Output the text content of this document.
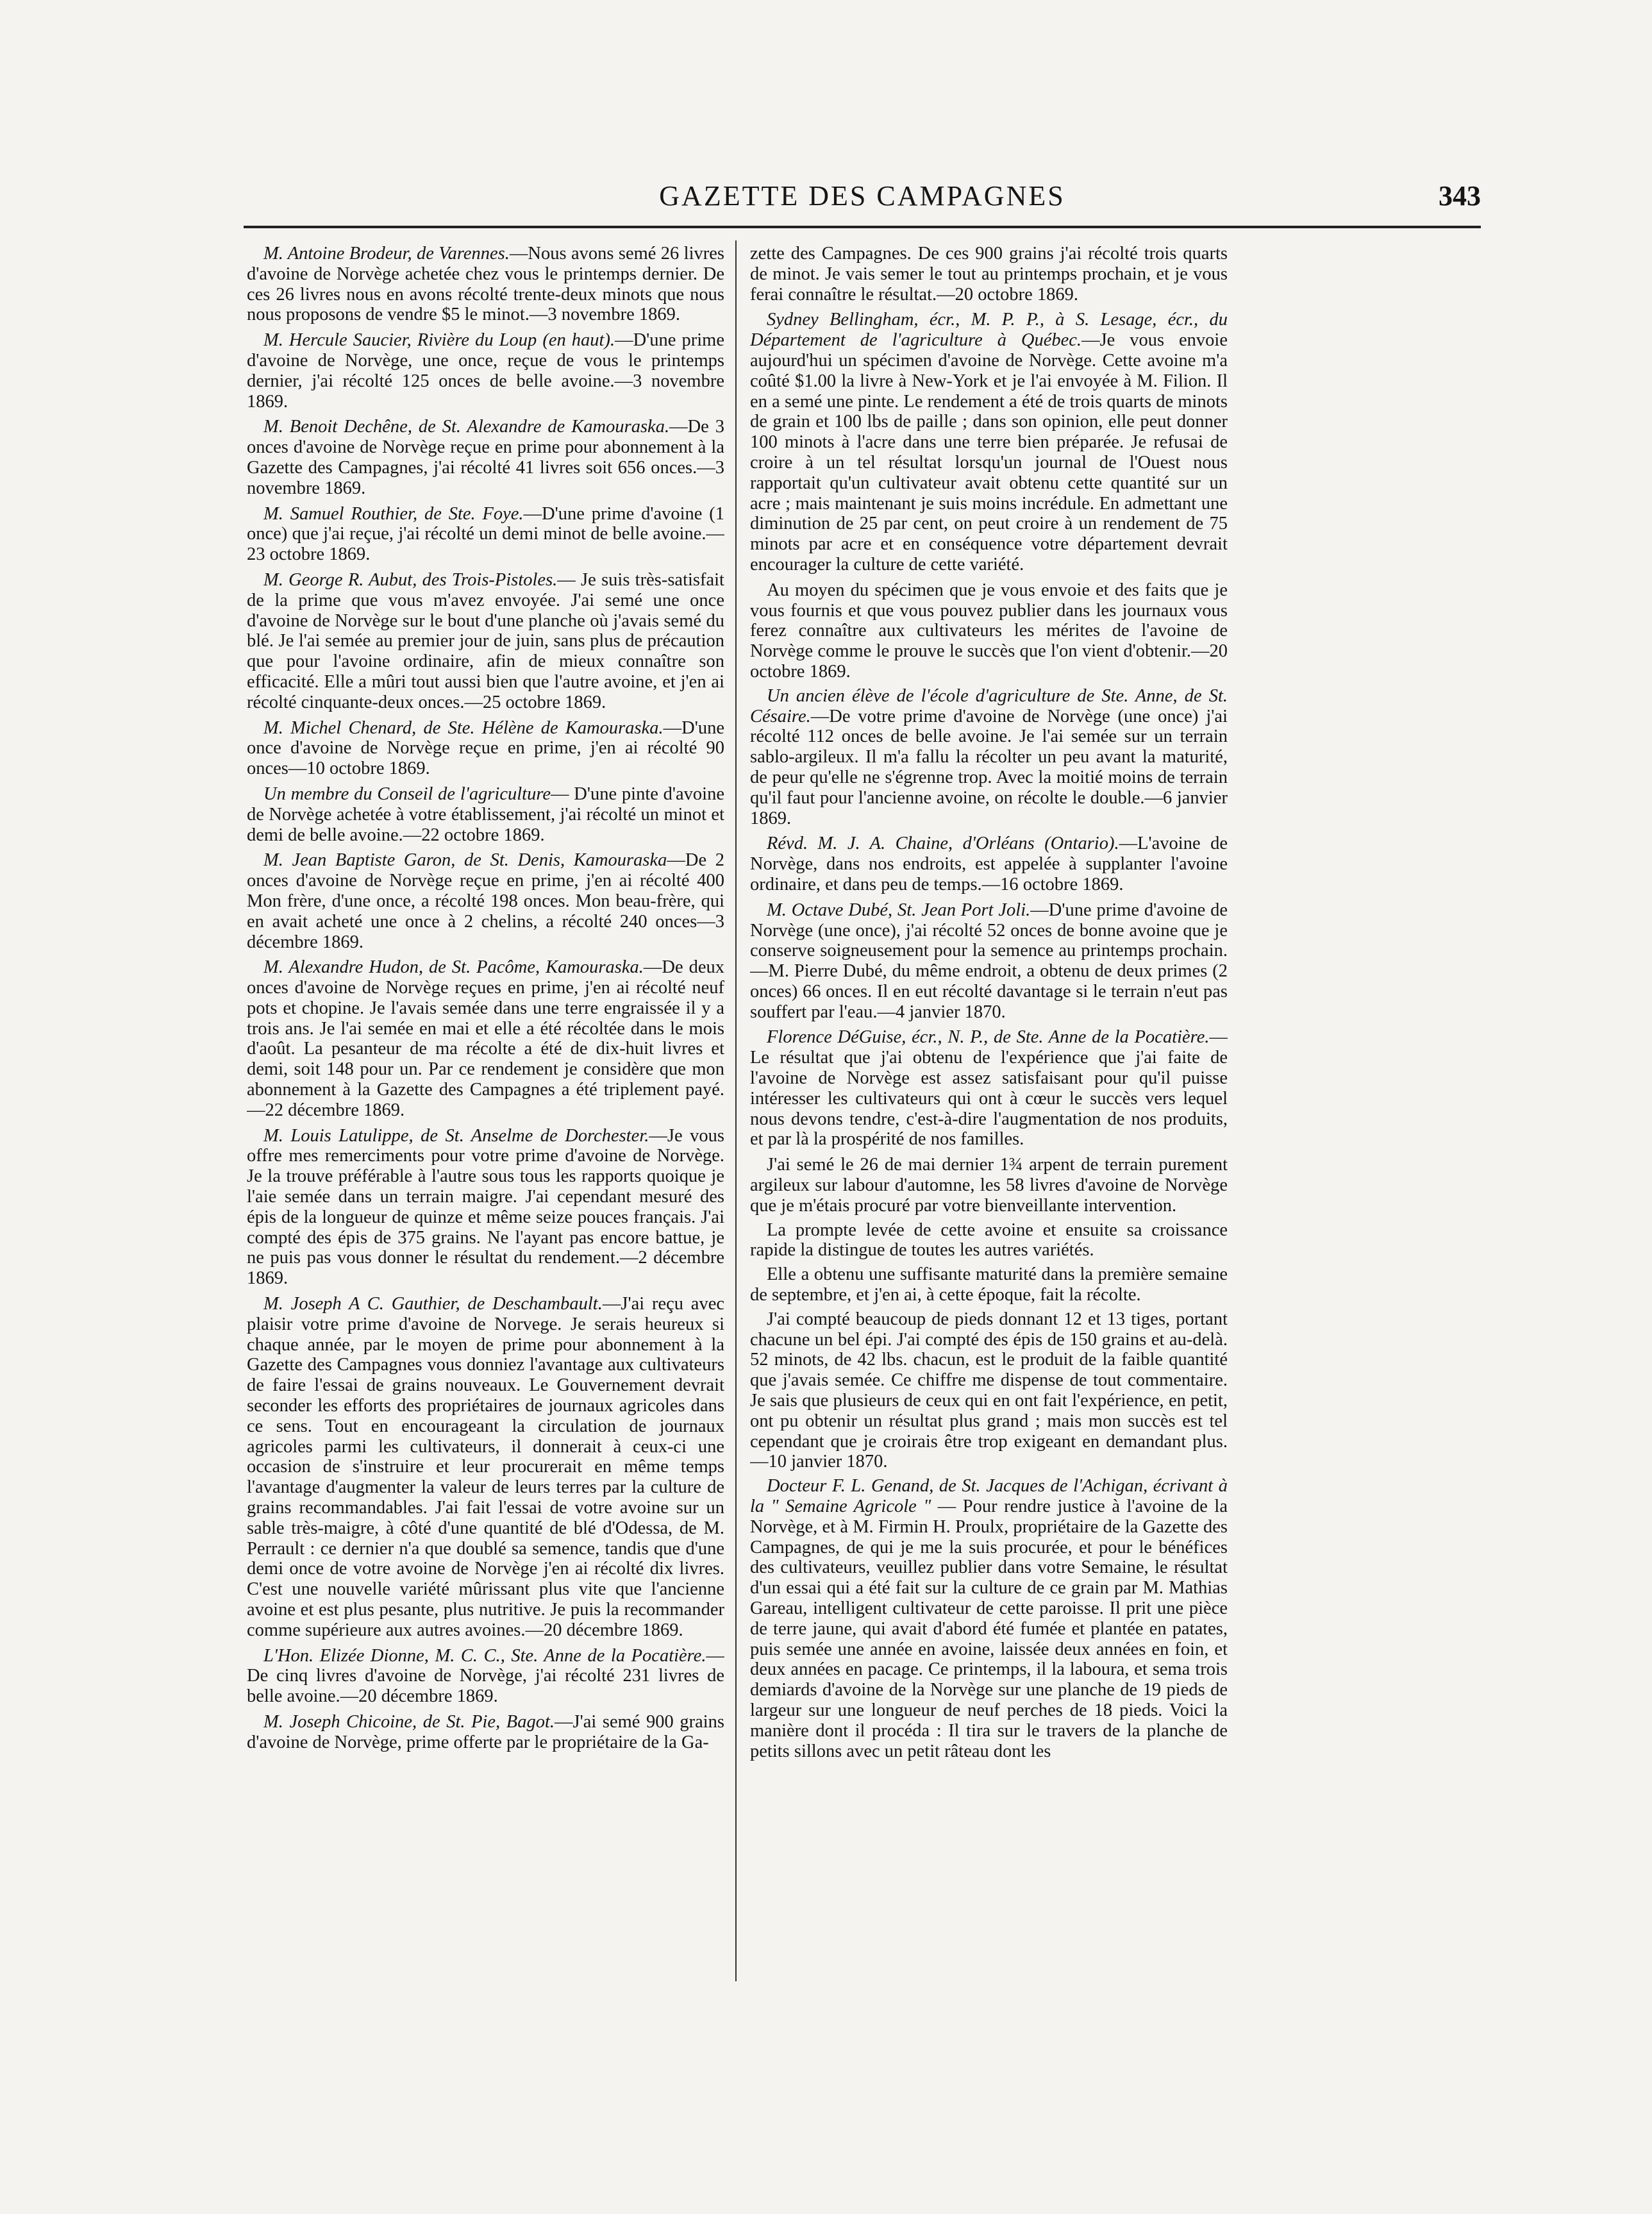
GAZETTE DES CAMPAGNES	343

M. Antoine Brodeur, de Varennes.—Nous avons semé 26 livres d'avoine de Norvège achetée chez vous le printemps dernier. De ces 26 livres nous en avons récolté trente-deux minots que nous nous proposons de vendre $5 le minot.—3 novembre 1869.

M. Hercule Saucier, Rivière du Loup (en haut).—D'une prime d'avoine de Norvège, une once, reçue de vous le printemps dernier, j'ai récolté 125 onces de belle avoine.—3 novembre 1869.

M. Benoit Dechêne, de St. Alexandre de Kamouraska.—De 3 onces d'avoine de Norvège reçue en prime pour abonnement à la Gazette des Campagnes, j'ai récolté 41 livres soit 656 onces.—3 novembre 1869.

M. Samuel Routhier, de Ste. Foye.—D'une prime d'avoine (1 once) que j'ai reçue, j'ai récolté un demi minot de belle avoine.—23 octobre 1869.

M. George R. Aubut, des Trois-Pistoles.— Je suis très-satisfait de la prime que vous m'avez envoyée. J'ai semé une once d'avoine de Norvège sur le bout d'une planche où j'avais semé du blé. Je l'ai semée au premier jour de juin, sans plus de précaution que pour l'avoine ordinaire, afin de mieux connaître son efficacité. Elle a mûri tout aussi bien que l'autre avoine, et j'en ai récolté cinquante-deux onces.—25 octobre 1869.

M. Michel Chenard, de Ste. Hélène de Kamouraska.—D'une once d'avoine de Norvège reçue en prime, j'en ai récolté 90 onces—10 octobre 1869.

Un membre du Conseil de l'agriculture— D'une pinte d'avoine de Norvège achetée à votre établissement, j'ai récolté un minot et demi de belle avoine.—22 octobre 1869.

M. Jean Baptiste Garon, de St. Denis, Kamouraska—De 2 onces d'avoine de Norvège reçue en prime, j'en ai récolté 400 Mon frère, d'une once, a récolté 198 onces. Mon beau-frère, qui en avait acheté une once à 2 chelins, a récolté 240 onces—3 décembre 1869.

M. Alexandre Hudon, de St. Pacôme, Kamouraska.—De deux onces d'avoine de Norvège reçues en prime, j'en ai récolté neuf pots et chopine. Je l'avais semée dans une terre engraissée il y a trois ans. Je l'ai semée en mai et elle a été récoltée dans le mois d'août. La pesanteur de ma récolte a été de dix-huit livres et demi, soit 148 pour un. Par ce rendement je considère que mon abonnement à la Gazette des Campagnes a été triplement payé.—22 décembre 1869.

M. Louis Latulippe, de St. Anselme de Dorchester.—Je vous offre mes remerciments pour votre prime d'avoine de Norvège. Je la trouve préférable à l'autre sous tous les rapports quoique je l'aie semée dans un terrain maigre. J'ai cependant mesuré des épis de la longueur de quinze et même seize pouces français. J'ai compté des épis de 375 grains. Ne l'ayant pas encore battue, je ne puis pas vous donner le résultat du rendement.—2 décembre 1869.

M. Joseph A C. Gauthier, de Deschambault.—J'ai reçu avec plaisir votre prime d'avoine de Norvege. Je serais heureux si chaque année, par le moyen de prime pour abonnement à la Gazette des Campagnes vous donniez l'avantage aux cultivateurs de faire l'essai de grains nouveaux. Le Gouvernement devrait seconder les efforts des propriétaires de journaux agricoles dans ce sens. Tout en encourageant la circulation de journaux agricoles parmi les cultivateurs, il donnerait à ceux-ci une occasion de s'instruire et leur procurerait en même temps l'avantage d'augmenter la valeur de leurs terres par la culture de grains recommandables. J'ai fait l'essai de votre avoine sur un sable très-maigre, à côté d'une quantité de blé d'Odessa, de M. Perrault : ce dernier n'a que doublé sa semence, tandis que d'une demi once de votre avoine de Norvège j'en ai récolté dix livres. C'est une nouvelle variété mûrissant plus vite que l'ancienne avoine et est plus pesante, plus nutritive. Je puis la recommander comme supérieure aux autres avoines.—20 décembre 1869.

L'Hon. Elizée Dionne, M. C. C., Ste. Anne de la Pocatière.—De cinq livres d'avoine de Norvège, j'ai récolté 231 livres de belle avoine.—20 décembre 1869.

M. Joseph Chicoine, de St. Pie, Bagot.—J'ai semé 900 grains d'avoine de Norvège, prime offerte par le propriétaire de la Ga-

zette des Campagnes. De ces 900 grains j'ai récolté trois quarts de minot. Je vais semer le tout au printemps prochain, et je vous ferai connaître le résultat.—20 octobre 1869.

Sydney Bellingham, écr., M. P. P., à S. Lesage, écr., du Département de l'agriculture à Québec.—Je vous envoie aujourd'hui un spécimen d'avoine de Norvège. Cette avoine m'a coûté $1.00 la livre à New-York et je l'ai envoyée à M. Filion. Il en a semé une pinte. Le rendement a été de trois quarts de minots de grain et 100 lbs de paille ; dans son opinion, elle peut donner 100 minots à l'acre dans une terre bien préparée. Je refusai de croire à un tel résultat lorsqu'un journal de l'Ouest nous rapportait qu'un cultivateur avait obtenu cette quantité sur un acre ; mais maintenant je suis moins incrédule. En admettant une diminution de 25 par cent, on peut croire à un rendement de 75 minots par acre et en conséquence votre département devrait encourager la culture de cette variété.

Au moyen du spécimen que je vous envoie et des faits que je vous fournis et que vous pouvez publier dans les journaux vous ferez connaître aux cultivateurs les mérites de l'avoine de Norvège comme le prouve le succès que l'on vient d'obtenir.—20 octobre 1869.

Un ancien élève de l'école d'agriculture de Ste. Anne, de St. Césaire.—De votre prime d'avoine de Norvège (une once) j'ai récolté 112 onces de belle avoine. Je l'ai semée sur un terrain sablo-argileux. Il m'a fallu la récolter un peu avant la maturité, de peur qu'elle ne s'égrenne trop. Avec la moitié moins de terrain qu'il faut pour l'ancienne avoine, on récolte le double.—6 janvier 1869.

Révd. M. J. A. Chaine, d'Orléans (Ontario).—L'avoine de Norvège, dans nos endroits, est appelée à supplanter l'avoine ordinaire, et dans peu de temps.—16 octobre 1869.

M. Octave Dubé, St. Jean Port Joli.—D'une prime d'avoine de Norvège (une once), j'ai récolté 52 onces de bonne avoine que je conserve soigneusement pour la semence au printemps prochain.—M. Pierre Dubé, du même endroit, a obtenu de deux primes (2 onces) 66 onces. Il en eut récolté davantage si le terrain n'eut pas souffert par l'eau.—4 janvier 1870.

Florence DéGuise, écr., N. P., de Ste. Anne de la Pocatière.— Le résultat que j'ai obtenu de l'expérience que j'ai faite de l'avoine de Norvège est assez satisfaisant pour qu'il puisse intéresser les cultivateurs qui ont à cœur le succès vers lequel nous devons tendre, c'est-à-dire l'augmentation de nos produits, et par là la prospérité de nos familles.

J'ai semé le 26 de mai dernier 1¾ arpent de terrain purement argileux sur labour d'automne, les 58 livres d'avoine de Norvège que je m'étais procuré par votre bienveillante intervention.

La prompte levée de cette avoine et ensuite sa croissance rapide la distingue de toutes les autres variétés.

Elle a obtenu une suffisante maturité dans la première semaine de septembre, et j'en ai, à cette époque, fait la récolte.

J'ai compté beaucoup de pieds donnant 12 et 13 tiges, portant chacune un bel épi. J'ai compté des épis de 150 grains et au-delà. 52 minots, de 42 lbs. chacun, est le produit de la faible quantité que j'avais semée. Ce chiffre me dispense de tout commentaire. Je sais que plusieurs de ceux qui en ont fait l'expérience, en petit, ont pu obtenir un résultat plus grand ; mais mon succès est tel cependant que je croirais être trop exigeant en demandant plus.—10 janvier 1870.

Docteur F. L. Genand, de St. Jacques de l'Achigan, écrivant à la " Semaine Agricole " — Pour rendre justice à l'avoine de la Norvège, et à M. Firmin H. Proulx, propriétaire de la Gazette des Campagnes, de qui je me la suis procurée, et pour le bénéfices des cultivateurs, veuillez publier dans votre Semaine, le résultat d'un essai qui a été fait sur la culture de ce grain par M. Mathias Gareau, intelligent cultivateur de cette paroisse. Il prit une pièce de terre jaune, qui avait d'abord été fumée et plantée en patates, puis semée une année en avoine, laissée deux années en foin, et deux années en pacage. Ce printemps, il la laboura, et sema trois demiards d'avoine de la Norvège sur une planche de 19 pieds de largeur sur une longueur de neuf perches de 18 pieds. Voici la manière dont il procéda : Il tira sur le travers de la planche de petits sillons avec un petit râteau dont les
